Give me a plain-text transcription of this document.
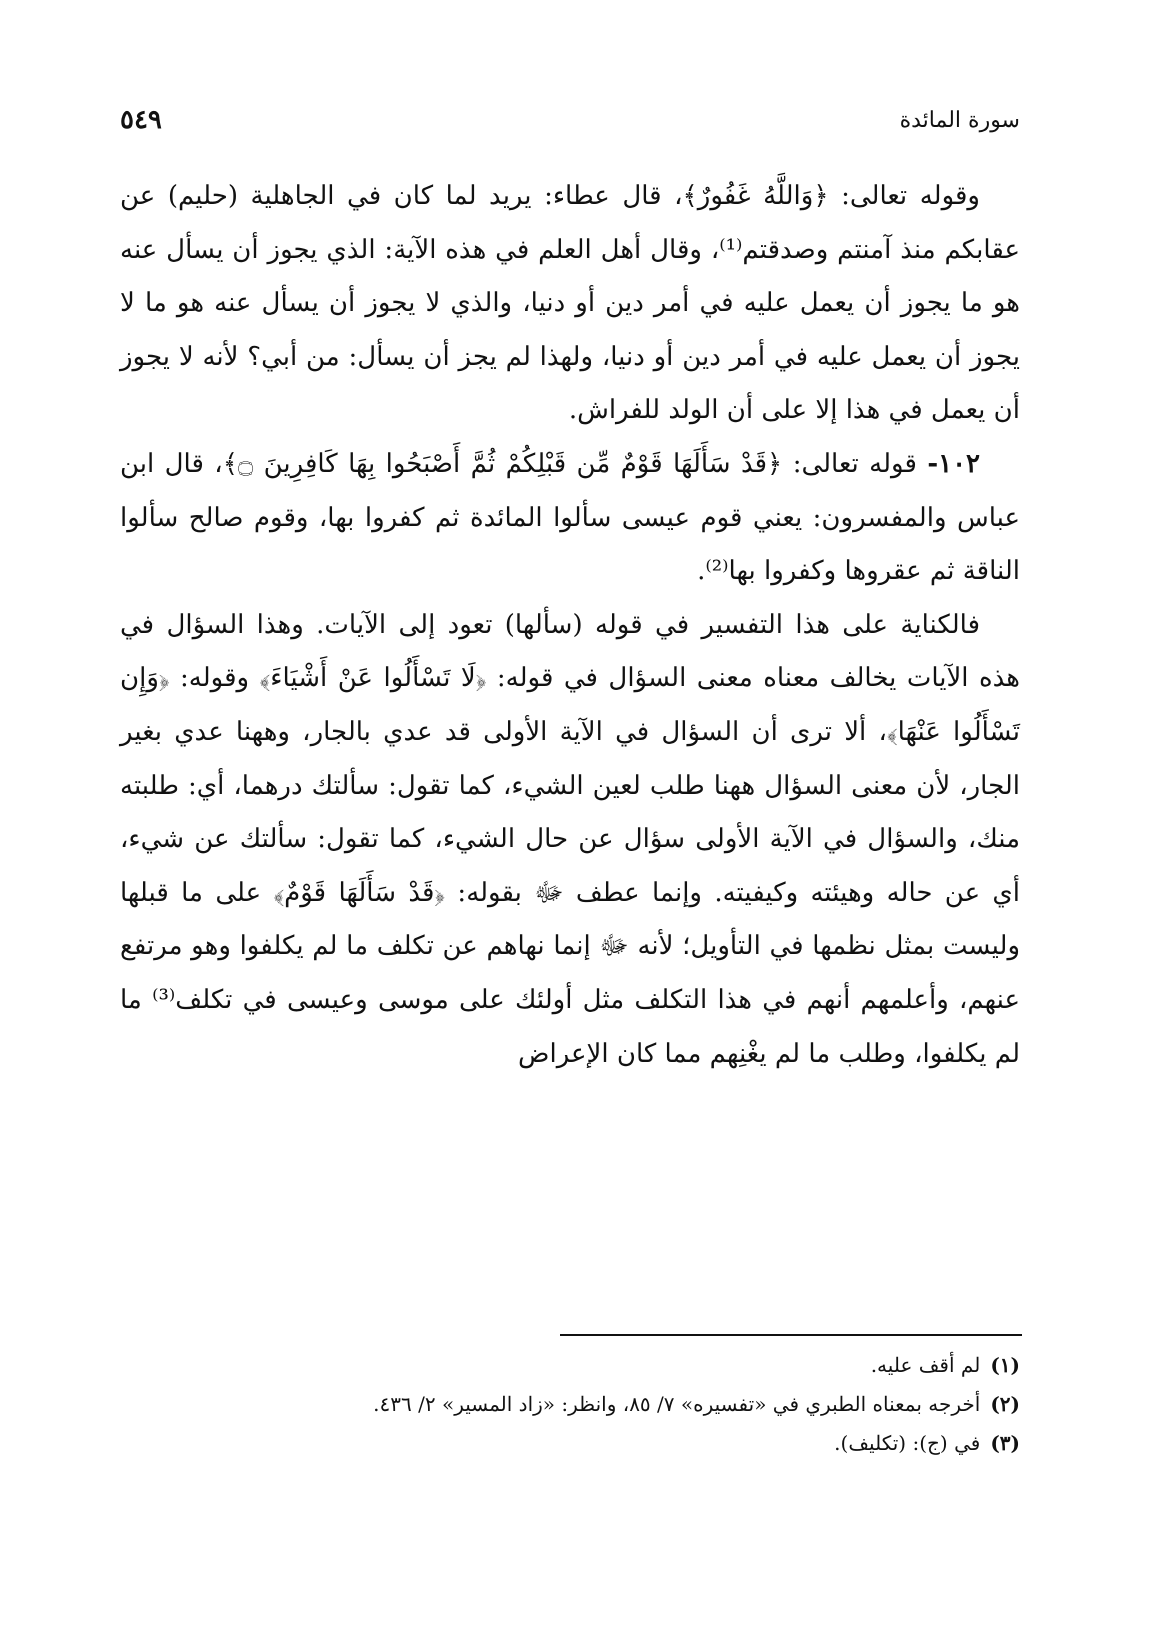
سورة المائدة
٥٤٩

وقوله تعالى: ﴿وَاللَّهُ غَفُورٌ﴾، قال عطاء: يريد لما كان في الجاهلية (حليم) عن عقابكم منذ آمنتم وصدقتم⁽¹⁾، وقال أهل العلم في هذه الآية: الذي يجوز أن يسأل عنه هو ما يجوز أن يعمل عليه في أمر دين أو دنيا، والذي لا يجوز أن يسأل عنه هو ما لا يجوز أن يعمل عليه في أمر دين أو دنيا، ولهذا لم يجز أن يسأل: من أبي؟ لأنه لا يجوز أن يعمل في هذا إلا على أن الولد للفراش.

١٠٢- قوله تعالى: ﴿قَدْ سَأَلَهَا قَوْمٌ مِّن قَبْلِكُمْ ثُمَّ أَصْبَحُوا بِهَا كَافِرِينَ ۝﴾، قال ابن عباس والمفسرون: يعني قوم عيسى سألوا المائدة ثم كفروا بها، وقوم صالح سألوا الناقة ثم عقروها وكفروا بها⁽²⁾.

فالكناية على هذا التفسير في قوله (سألها) تعود إلى الآيات. وهذا السؤال في هذه الآيات يخالف معناه معنى السؤال في قوله: ﴿لَا تَسْأَلُوا عَنْ أَشْيَاءَ﴾ وقوله: ﴿وَإِن تَسْأَلُوا عَنْهَا﴾، ألا ترى أن السؤال في الآية الأولى قد عدي بالجار، وههنا عدي بغير الجار، لأن معنى السؤال ههنا طلب لعين الشيء، كما تقول: سألتك درهما، أي: طلبته منك، والسؤال في الآية الأولى سؤال عن حال الشيء، كما تقول: سألتك عن شيء، أي عن حاله وهيئته وكيفيته. وإنما عطف ﷻ بقوله: ﴿قَدْ سَأَلَهَا قَوْمٌ﴾ على ما قبلها وليست بمثل نظمها في التأويل؛ لأنه ﷻ إنما نهاهم عن تكلف ما لم يكلفوا وهو مرتفع عنهم، وأعلمهم أنهم في هذا التكلف مثل أولئك على موسى وعيسى في تكلف⁽³⁾ ما لم يكلفوا، وطلب ما لم يغْنِهم مما كان الإعراض

(١)لم أقف عليه.

(٢)أخرجه بمعناه الطبري في «تفسيره» ٧/ ٨٥، وانظر: «زاد المسير» ٢/ ٤٣٦.

(٣)في (ج): (تكليف).
